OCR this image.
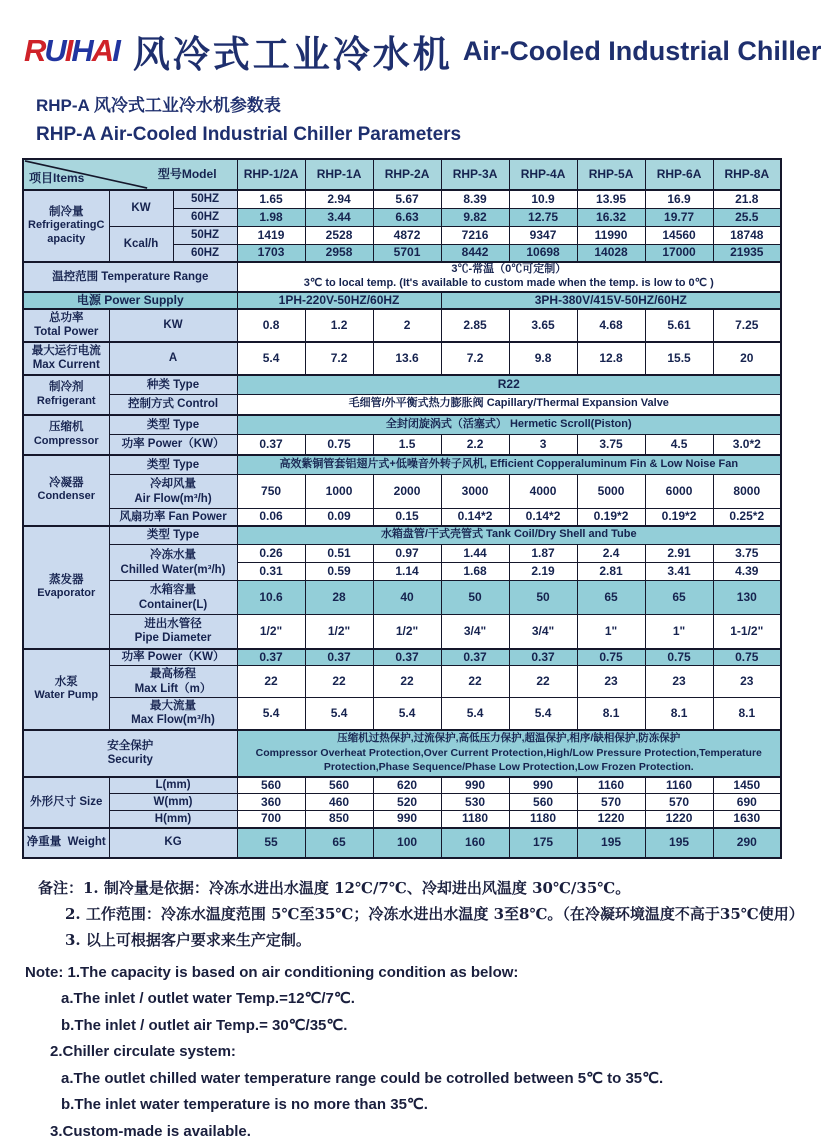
RUIHAI 风冷式工业冷水机 Air-Cooled Industrial Chiller
RHP-A 风冷式工业冷水机参数表
RHP-A Air-Cooled Industrial Chiller Parameters
项目Items 型号Model			RHP-1/2A	RHP-1A	RHP-2A	RHP-3A	RHP-4A	RHP-5A	RHP-6A	RHP-8A

制冷量
RefrigeratingCapacity	KW	50HZ	1.65	2.94	5.67	8.39	10.9	13.95	16.9	21.8
		60HZ	1.98	3.44	6.63	9.82	12.75	16.32	19.77	25.5
	Kcal/h	50HZ	1419	2528	4872	7216	9347	11990	14560	18748
		60HZ	1703	2958	5701	8442	10698	14028	17000	21935
温控范围 Temperature Range			3℃-常温（0℃可定制）
3℃ to local temp. (It's available to custom made when the temp. is low to 0℃ )							

电源 Power Supply			1PH-220V-50HZ/60HZ			3PH-380V/415V-50HZ/60HZ				

总功率
Total Power	KW		0.8	1.2	2	2.85	3.65	4.68	5.61	7.25

最大运行电流
Max Current	A		5.4	7.2	13.6	7.2	9.8	12.8	15.5	20

制冷剂
Refrigerant	种类 Type		R22							
	控制方式 Control		毛细管/外平衡式热力膨胀阀 Capillary/Thermal Expansion Valve							

压缩机
Compressor	类型 Type		全封闭旋涡式（活塞式） Hermetic Scroll(Piston)							
	功率 Power（KW）		0.37	0.75	1.5	2.2	3	3.75	4.5	3.0*2

冷凝器
Condenser	类型 Type		高效紫铜管套铝翅片式+低噪音外转子风机, Efficient Copperaluminum Fin & Low Noise Fan							

	冷却风量
Air Flow(m³/h)		750	1000	2000	3000	4000	5000	6000	8000
	风扇功率 Fan Power		0.06	0.09	0.15	0.14*2	0.14*2	0.19*2	0.19*2	0.25*2

蒸发器
Evaporator	类型 Type		水箱盘管/干式壳管式 Tank Coil/Dry Shell and Tube							

	冷冻水量
Chilled Water(m³/h)		0.26	0.51	0.97	1.44	1.87	2.4	2.91	3.75
			0.31	0.59	1.14	1.68	2.19	2.81	3.41	4.39

	水箱容量
Container(L)		10.6	28	40	50	50	65	65	130

	进出水管径
Pipe Diameter		1/2"	1/2"	1/2"	3/4"	3/4"	1"	1"	1-1/2"

水泵
Water Pump	功率 Power（KW）		0.37	0.37	0.37	0.37	0.37	0.75	0.75	0.75

	最高杨程
Max Lift（m）		22	22	22	22	22	23	23	23

	最大流量
Max Flow(m³/h)		5.4	5.4	5.4	5.4	5.4	8.1	8.1	8.1

安全保护
Security

压缩机过热保护,过流保护,高低压力保护,超温保护,相序/缺相保护,防冻保护
Compressor Overheat Protection,Over Current Protection,High/Low Pressure Protection,Temperature Protection,Phase Sequence/Phase Low Protection,Low Frozen Protection.

外形尺寸 Size	L(mm)		560	560	620	990	990	1160	1160	1450
	W(mm)		360	460	520	530	560	570	570	690
	H(mm)		700	850	990	1180	1180	1220	1220	1630
净重量 Weight	KG		55	65	100	160	175	195	195	290
备注：1. 制冷量是依据：冷冻水进出水温度 12℃/7℃、冷却进出风温度 30℃/35℃。
2. 工作范围：冷冻水温度范围 5℃至35℃；冷冻水进出水温度 3至8℃。（在冷凝环境温度不高于35℃使用）
3. 以上可根据客户要求来生产定制。
Note: 1.The capacity is based on air conditioning condition as below:
a.The inlet / outlet water Temp.=12℃/7℃.
b.The inlet / outlet air Temp.= 30℃/35℃.
2.Chiller circulate system:
a.The outlet chilled water temperature range could be cotrolled between 5℃ to 35℃.
b.The inlet water temperature is no more than 35℃.
3.Custom-made is available.
